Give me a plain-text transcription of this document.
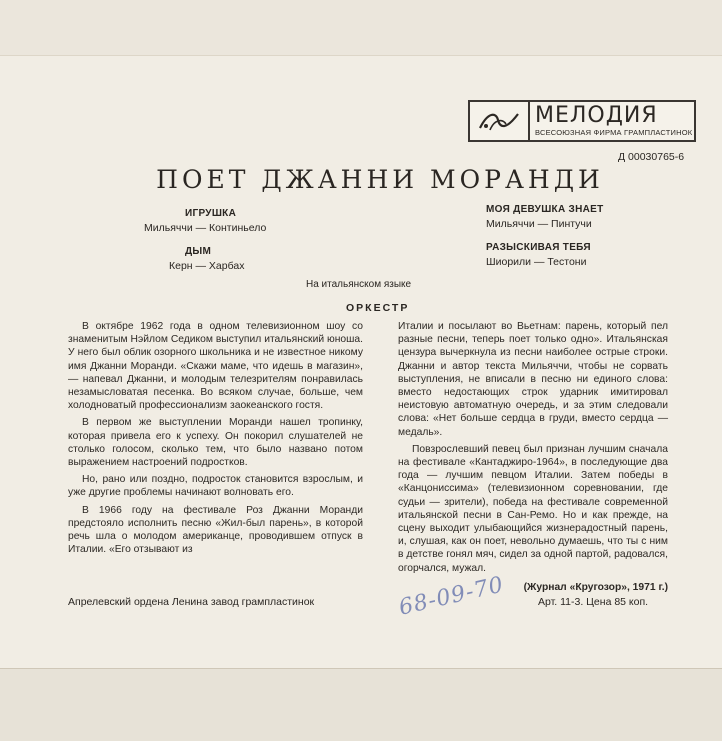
МЕЛОДИЯ
ВСЕСОЮЗНАЯ ФИРМА ГРАМПЛАСТИНОК
Д 00030765-6
ПОЕТ ДЖАННИ МОРАНДИ
ИГРУШКА
Мильяччи — Континьело
ДЫМ
Керн — Харбах
МОЯ ДЕВУШКА ЗНАЕТ
Мильяччи — Пинтучи
РАЗЫСКИВАЯ ТЕБЯ
Шиорили — Тестони
На итальянском языке
ОРКЕСТР

В октябре 1962 года в одном телевизионном шоу со знаменитым Нэйлом Седиком выступил итальянский юноша. У него был облик озорного школьника и не известное никому имя Джанни Моранди. «Скажи маме, что идешь в магазин», — напевал Джанни, и молодым телезрителям понравилась незамысловатая песенка. Во всяком случае, больше, чем холодноватый профессионализм заокеанского гостя.

В первом же выступлении Моранди нашел тропинку, которая привела его к успеху. Он покорил слушателей не столько голосом, сколько тем, что было названо потом выражением настроений подростков.

Но, рано или поздно, подросток становится взрослым, и уже другие проблемы начинают волновать его.

В 1966 году на фестивале Роз Джанни Моранди предстояло исполнить песню «Жил-был парень», в которой речь шла о молодом американце, проводившем отпуск в Италии. «Его отзывают из

Италии и посылают во Вьетнам: парень, который пел разные песни, теперь поет только одно». Итальянская цензура вычеркнула из песни наиболее острые строки. Джанни и автор текста Мильяччи, чтобы не сорвать выступления, не вписали в песню ни единого слова: вместо недостающих строк ударник имитировал неистовую автоматную очередь, и за этим следовали слова: «Нет больше сердца в груди, вместо сердца — медаль».

Повзрослевший певец был признан лучшим сначала на фестивале «Кантаджиро-1964», в последующие два года — лучшим певцом Италии. Затем победы в «Канцониссима» (телевизионном соревновании, где судьи — зрители), победа на фестивале современной итальянской песни в Сан-Ремо. Но и как прежде, на сцену выходит улыбающийся жизнерадостный парень, и, слушая, как он поет, невольно думаешь, что ты с ним в детстве гонял мяч, сидел за одной партой, радовался, огорчался, мужал.

(Журнал «Кругозор», 1971 г.)
Апрелевский ордена Ленина завод грампластинок	Арт. 11-3. Цена 85 коп.
68-09-70
